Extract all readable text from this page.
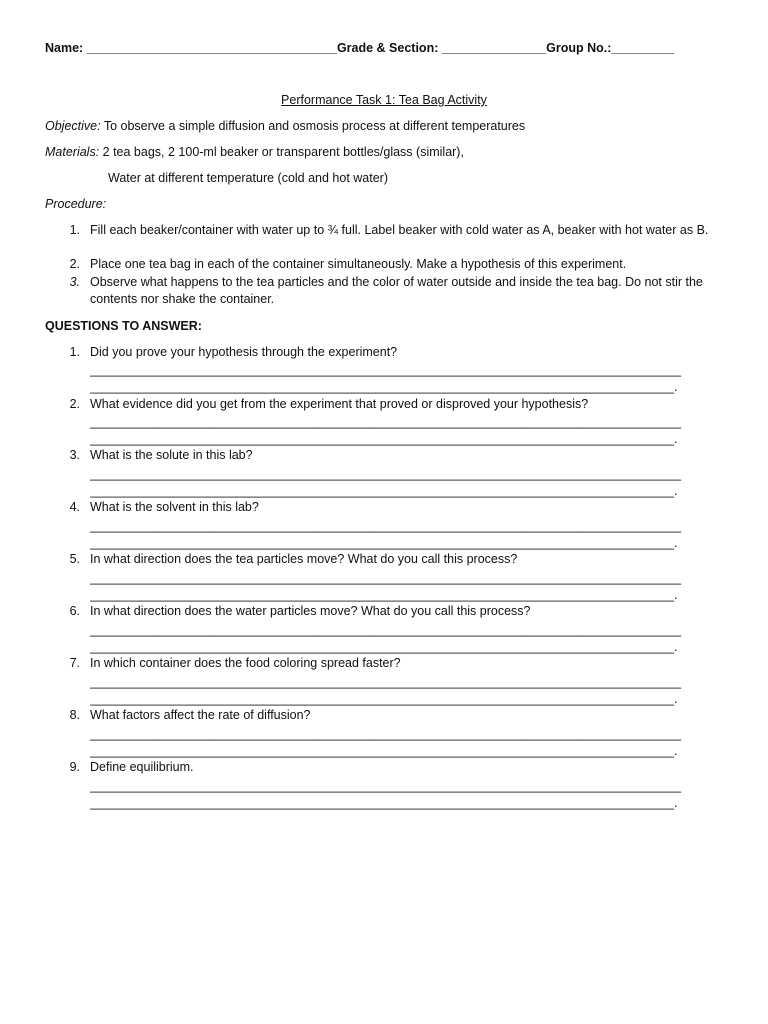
Name: ____________________________________Grade & Section: _______________Group No.:_________
Performance Task 1: Tea Bag Activity
Objective: To observe a simple diffusion and osmosis process at different temperatures
Materials: 2 tea bags, 2 100-ml beaker or transparent bottles/glass (similar),
Water at different temperature (cold and hot water)
Procedure:
1. Fill each beaker/container with water up to ¾ full. Label beaker with cold water as A, beaker with hot water as B.
2. Place one tea bag in each of the container simultaneously. Make a hypothesis of this experiment.
3. Observe what happens to the tea particles and the color of water outside and inside the tea bag. Do not stir the contents nor shake the container.
QUESTIONS TO ANSWER:
1. Did you prove your hypothesis through the experiment?
_____________________________________________________________________________________
____________________________________________________________________________________.
2. What evidence did you get from the experiment that proved or disproved your hypothesis?
_____________________________________________________________________________________
____________________________________________________________________________________.
3. What is the solute in this lab?
_____________________________________________________________________________________
____________________________________________________________________________________.
4. What is the solvent in this lab?
_____________________________________________________________________________________
____________________________________________________________________________________.
5. In what direction does the tea particles move? What do you call this process?
_____________________________________________________________________________________
____________________________________________________________________________________.
6. In what direction does the water particles move? What do you call this process?
_____________________________________________________________________________________
____________________________________________________________________________________.
7. In which container does the food coloring spread faster?
_____________________________________________________________________________________
____________________________________________________________________________________.
8. What factors affect the rate of diffusion?
_____________________________________________________________________________________
____________________________________________________________________________________.
9. Define equilibrium.
_____________________________________________________________________________________
____________________________________________________________________________________.
